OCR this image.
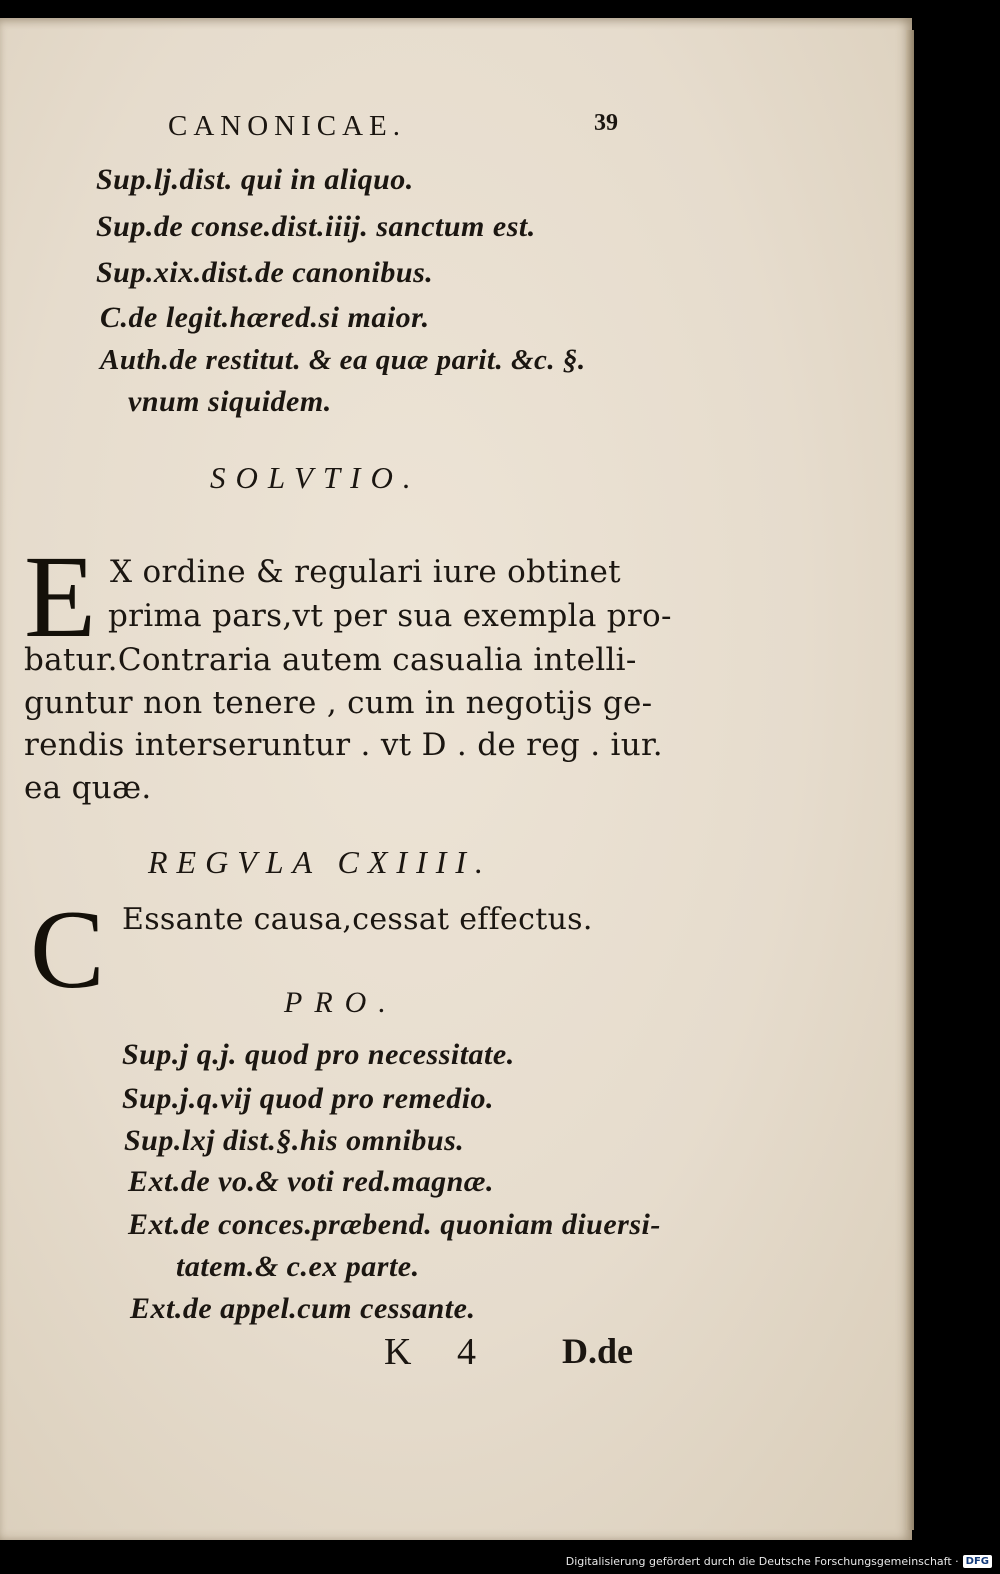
CANONICAE.	39
Sup.lj.dist. qui in aliquo.
Sup.de conse.dist.iiij. sanctum est.
Sup.xix.dist.de canonibus.
C.de legit.hæred.si maior.
Auth.de restitut. & ea quæ parit. &c. §.
vnum siquidem.
SOLVTIO.
E X ordine & regulari iure obtinet
prima pars,vt per sua exempla pro-
batur.Contraria autem casualia intelli-
guntur non tenere , cum in negotijs ge-
rendis interseruntur . vt D . de reg . iur.
ea quæ.
REGVLA CXIIII.
C Essante causa,cessat effectus.
PRO.
Sup.j q.j. quod pro necessitate.
Sup.j.q.vij quod pro remedio.
Sup.lxj dist.§.his omnibus.
Ext.de vo.& voti red.magnæ.
Ext.de conces.præbend. quoniam diuersi-
tatem.& c.ex parte.
Ext.de appel.cum cessante.
K 4 D.de
Digitalisierung gefördert durch die Deutsche Forschungsgemeinschaft · DFG
